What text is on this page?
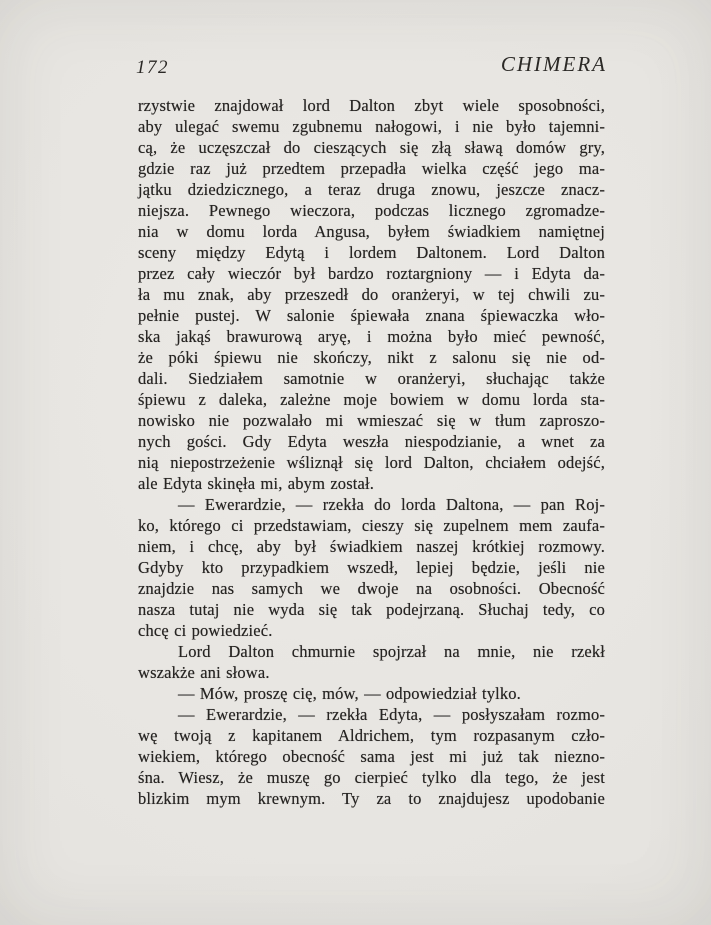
172	CHIMERA
rzystwie znajdował lord Dalton zbyt wiele sposobności,
aby ulegać swemu zgubnemu nałogowi, i nie było tajemni-
cą, że uczęszczał do cieszących się złą sławą domów gry,
gdzie raz już przedtem przepadła wielka część jego ma-
jątku dziedzicznego, a teraz druga znowu, jeszcze znacz-
niejsza. Pewnego wieczora, podczas licznego zgromadze-
nia w domu lorda Angusa, byłem świadkiem namiętnej
sceny między Edytą i lordem Daltonem. Lord Dalton
przez cały wieczór był bardzo roztargniony — i Edyta da-
ła mu znak, aby przeszedł do oranżeryi, w tej chwili zu-
pełnie pustej. W salonie śpiewała znana śpiewaczka wło-
ska jakąś brawurową aryę, i można było mieć pewność,
że póki śpiewu nie skończy, nikt z salonu się nie od-
dali. Siedziałem samotnie w oranżeryi, słuchając także
śpiewu z daleka, zależne moje bowiem w domu lorda sta-
nowisko nie pozwalało mi wmieszać się w tłum zaproszo-
nych gości. Gdy Edyta weszła niespodzianie, a wnet za
nią niepostrzeżenie wśliznął się lord Dalton, chciałem odejść,
ale Edyta skinęła mi, abym został.
— Ewerardzie, — rzekła do lorda Daltona, — pan Roj-
ko, którego ci przedstawiam, cieszy się zupelnem mem zaufa-
niem, i chcę, aby był świadkiem naszej krótkiej rozmowy.
Gdyby kto przypadkiem wszedł, lepiej będzie, jeśli nie
znajdzie nas samych we dwoje na osobności. Obecność
nasza tutaj nie wyda się tak podejrzaną. Słuchaj tedy, co
chcę ci powiedzieć.
Lord Dalton chmurnie spojrzał na mnie, nie rzekł
wszakże ani słowa.
— Mów, proszę cię, mów, — odpowiedział tylko.
— Ewerardzie, — rzekła Edyta, — posłyszałam rozmo-
wę twoją z kapitanem Aldrichem, tym rozpasanym czło-
wiekiem, którego obecność sama jest mi już tak niezno-
śna. Wiesz, że muszę go cierpieć tylko dla tego, że jest
blizkim mym krewnym. Ty za to znajdujesz upodobanie
